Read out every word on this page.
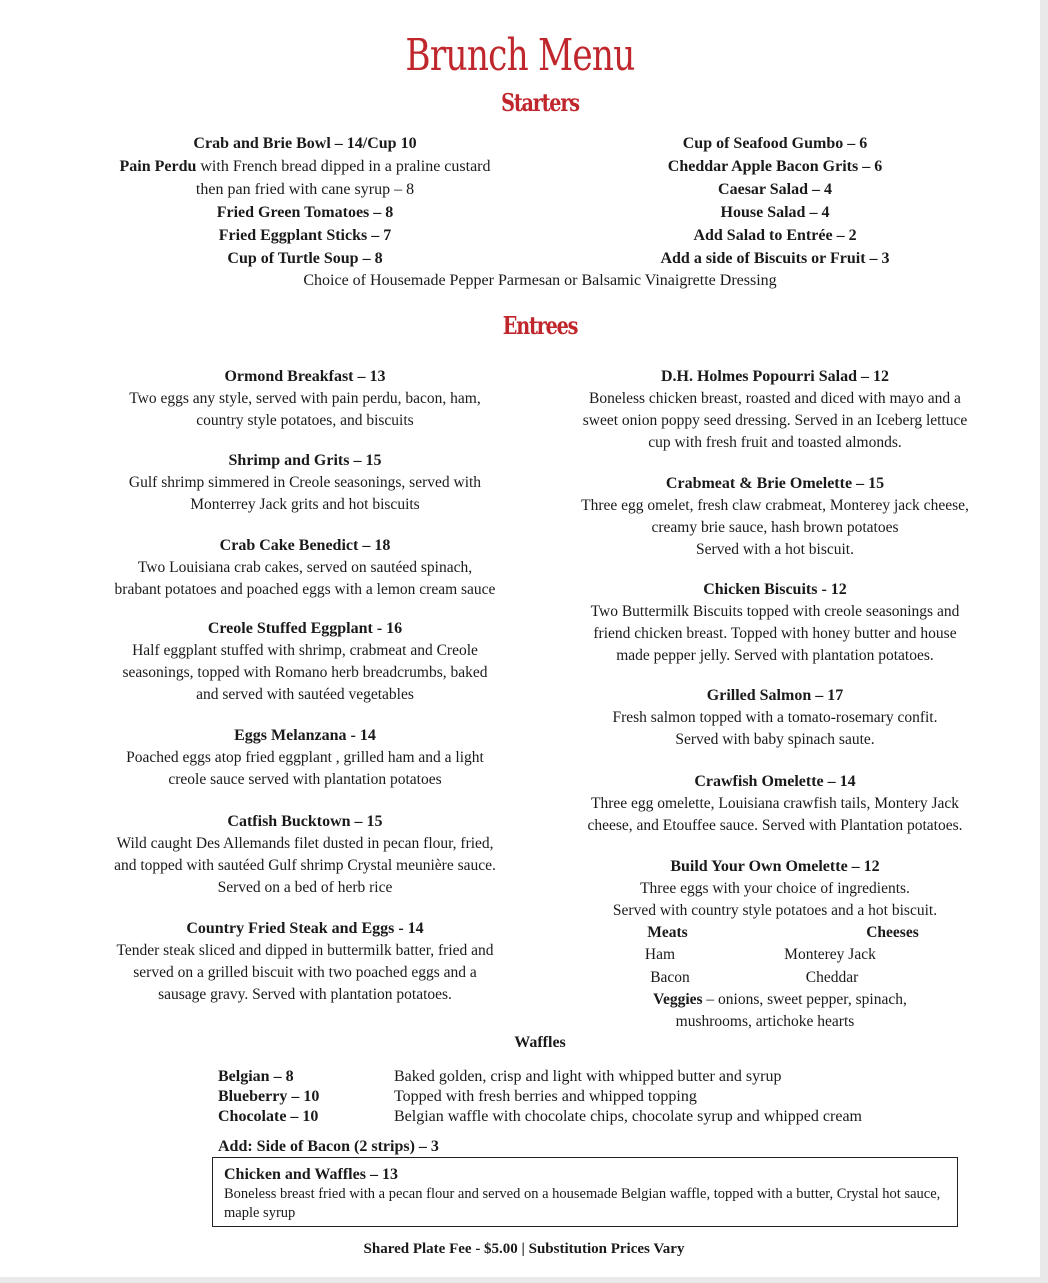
Brunch Menu
Starters
Crab and Brie Bowl – 14/Cup 10
Pain Perdu with French bread dipped in a praline custard
then pan fried with cane syrup – 8
Fried Green Tomatoes – 8
Fried Eggplant Sticks – 7
Cup of Turtle Soup – 8
Cup of Seafood Gumbo – 6
Cheddar Apple Bacon Grits – 6
Caesar Salad – 4
House Salad – 4
Add Salad to Entrée – 2
Add a side of Biscuits or Fruit – 3
Choice of Housemade Pepper Parmesan or Balsamic Vinaigrette Dressing
Entrees
Ormond Breakfast – 13
Two eggs any style, served with pain perdu, bacon, ham,
country style potatoes, and biscuits
Shrimp and Grits – 15
Gulf shrimp simmered in Creole seasonings, served with
Monterrey Jack grits and hot biscuits
Crab Cake Benedict – 18
Two Louisiana crab cakes, served on sautéed spinach,
brabant potatoes and poached eggs with a lemon cream sauce
Creole Stuffed Eggplant - 16
Half eggplant stuffed with shrimp, crabmeat and Creole
seasonings, topped with Romano herb breadcrumbs, baked
and served with sautéed vegetables
Eggs Melanzana - 14
Poached eggs atop fried eggplant , grilled ham and a light
creole sauce served with plantation potatoes
Catfish Bucktown – 15
Wild caught Des Allemands filet dusted in pecan flour, fried,
and topped with sautéed Gulf shrimp Crystal meunière sauce.
Served on a bed of herb rice
Country Fried Steak and Eggs - 14
Tender steak sliced and dipped in buttermilk batter, fried and
served on a grilled biscuit with two poached eggs and a
sausage gravy. Served with plantation potatoes.
D.H. Holmes Popourri Salad – 12
Boneless chicken breast, roasted and diced with mayo and a
sweet onion poppy seed dressing. Served in an Iceberg lettuce
cup with fresh fruit and toasted almonds.
Crabmeat & Brie Omelette – 15
Three egg omelet, fresh claw crabmeat, Monterey jack cheese,
creamy brie sauce, hash brown potatoes
Served with a hot biscuit.
Chicken Biscuits - 12
Two Buttermilk Biscuits topped with creole seasonings and
friend chicken breast. Topped with honey butter and house
made pepper jelly. Served with plantation potatoes.
Grilled Salmon – 17
Fresh salmon topped with a tomato-rosemary confit.
Served with baby spinach saute.
Crawfish Omelette – 14
Three egg omelette, Louisiana crawfish tails, Montery Jack
cheese, and Etouffee sauce. Served with Plantation potatoes.
Build Your Own Omelette – 12
Three eggs with your choice of ingredients.
Served with country style potatoes and a hot biscuit.
Meats	Cheeses
Ham	Monterey Jack
Bacon	Cheddar
Veggies – onions, sweet pepper, spinach,
mushrooms, artichoke hearts
Waffles
Belgian – 8	Baked golden, crisp and light with whipped butter and syrup
Blueberry – 10	Topped with fresh berries and whipped topping
Chocolate – 10	Belgian waffle with chocolate chips, chocolate syrup and whipped cream
Add: Side of Bacon (2 strips) – 3
Chicken and Waffles – 13
Boneless breast fried with a pecan flour and served on a housemade Belgian waffle, topped with a butter, Crystal hot sauce, maple syrup
Shared Plate Fee - $5.00 | Substitution Prices Vary
